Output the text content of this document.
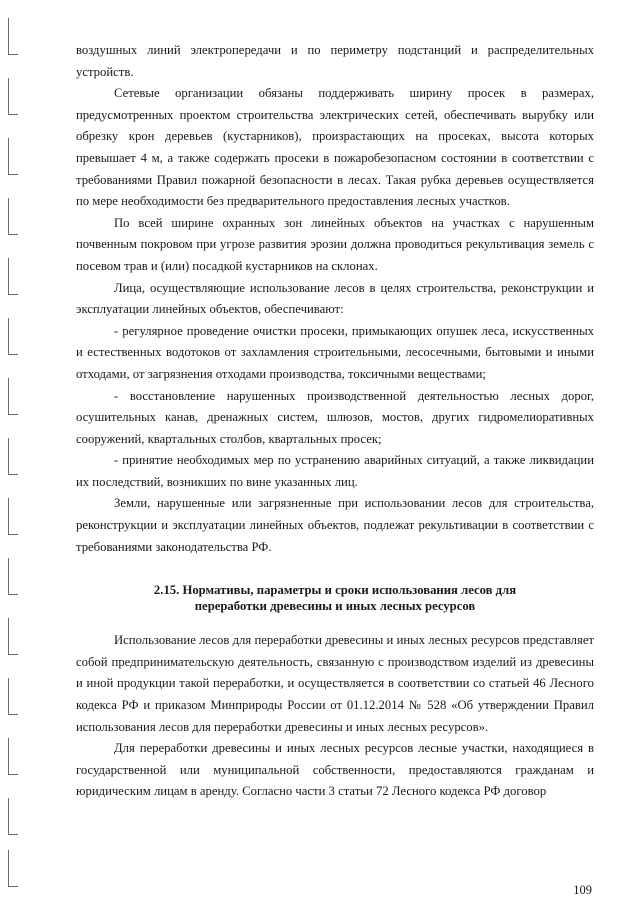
воздушных линий электропередачи и по периметру подстанций и распределительных устройств.

Сетевые организации обязаны поддерживать ширину просек в размерах, предусмотренных проектом строительства электрических сетей, обеспечивать вырубку или обрезку крон деревьев (кустарников), произрастающих на просеках, высота которых превышает 4 м, а также содержать просеки в пожаробезопасном состоянии в соответствии с требованиями Правил пожарной безопасности в лесах. Такая рубка деревьев осуществляется по мере необходимости без предварительного предоставления лесных участков.

По всей ширине охранных зон линейных объектов на участках с нарушенным почвенным покровом при угрозе развития эрозии должна проводиться рекультивация земель с посевом трав и (или) посадкой кустарников на склонах.

Лица, осуществляющие использование лесов в целях строительства, реконструкции и эксплуатации линейных объектов, обеспечивают:

- регулярное проведение очистки просеки, примыкающих опушек леса, искусственных и естественных водотоков от захламления строительными, лесосечными, бытовыми и иными отходами, от загрязнения отходами производства, токсичными веществами;

- восстановление нарушенных производственной деятельностью лесных дорог, осушительных канав, дренажных систем, шлюзов, мостов, других гидромелиоративных сооружений, квартальных столбов, квартальных просек;

- принятие необходимых мер по устранению аварийных ситуаций, а также ликвидации их последствий, возникших по вине указанных лиц.

Земли, нарушенные или загрязненные при использовании лесов для строительства, реконструкции и эксплуатации линейных объектов, подлежат рекультивации в соответствии с требованиями законодательства РФ.

2.15. Нормативы, параметры и сроки использования лесов для
переработки древесины и иных лесных ресурсов

Использование лесов для переработки древесины и иных лесных ресурсов представляет собой предпринимательскую деятельность, связанную с производством изделий из древесины и иной продукции такой переработки, и осуществляется в соответствии со статьей 46 Лесного кодекса РФ и приказом Минприроды России от 01.12.2014 № 528 «Об утверждении Правил использования лесов для переработки древесины и иных лесных ресурсов».

Для переработки древесины и иных лесных ресурсов лесные участки, находящиеся в государственной или муниципальной собственности, предоставляются гражданам и юридическим лицам в аренду. Согласно части 3 статьи 72 Лесного кодекса РФ договор

109
